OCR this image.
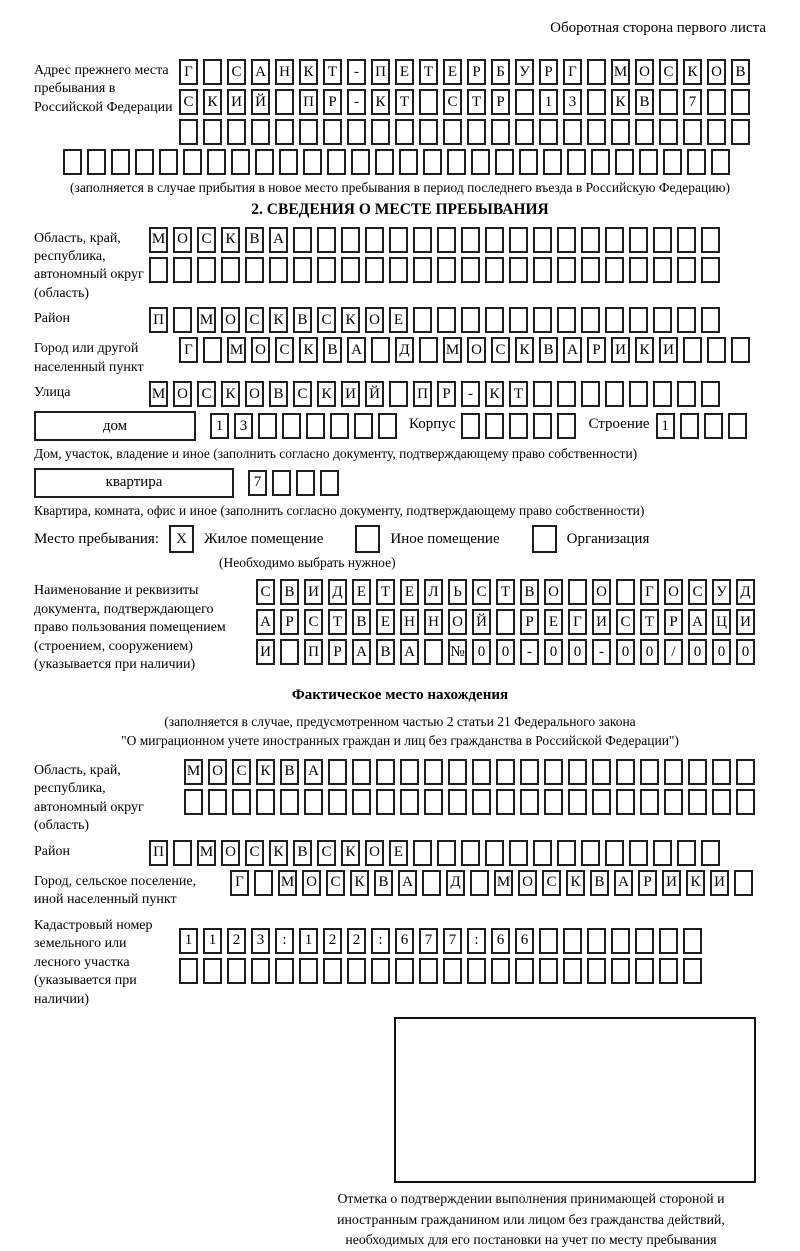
Оборотная сторона первого листа
Адрес прежнего места пребывания в Российской Федерации
Г	С А Н К Т	-	П Е Т Е	Р	Б У Р	Г	М О С К О В
С К И Й П Р	-	К Т	С Т	Р	1	3	К В	7
(заполняется в случае прибытия в новое место пребывания в период последнего въезда в Российскую Федерацию)
2. СВЕДЕНИЯ О МЕСТЕ ПРЕБЫВАНИЯ
Область, край, республика, автономный округ (область)
М О С К В А
Район	П М О С К В С К О Е
Город или другой населенный пункт
Г	М О С К В А Д М О С К В А Р И К И
Улица	М О С К О В С К И Й П Р	-	К Т
дом	1	3	Корпус	Строение 1
Дом, участок, владение и иное (заполнить согласно документу, подтверждающему право собственности)
квартира	7
Квартира, комната, офис и иное (заполнить согласно документу, подтверждающему право собственности)
Место пребывания:	X	Жилое помещение	Иное помещение	Организация
(Необходимо выбрать нужное)
Наименование и реквизиты документа, подтверждающего право пользования помещением (строением, сооружением) (указывается при наличии)
С В И Д Е Т Е Л Ь С Т В О О	Г О С У Д
А Р С Т В Е Н Н О Й	Р	Е	Г И С Т	Р А Ц И
И П Р А В А № 0	0	-	0	0	-	0	0	/	0	0	0
Фактическое место нахождения
(заполняется в случае, предусмотренном частью 2 статьи 21 Федерального закона
"О миграционном учете иностранных граждан и лиц без гражданства в Российской Федерации")
Область, край, республика, автономный округ (область)
М О С К В А
Район	П М О С К В С К О Е
Город, сельское поселение, иной населенный пункт
Г	М О С К В А Д М О С К В А Р И К И
Кадастровый номер земельного или лесного участка (указывается при наличии)
1	1	2	3	:	1	2	2	:	6	7	7	:	6	6
Отметка о подтверждении выполнения принимающей стороной и иностранным гражданином или лицом без гражданства действий, необходимых для его постановки на учет по месту пребывания
